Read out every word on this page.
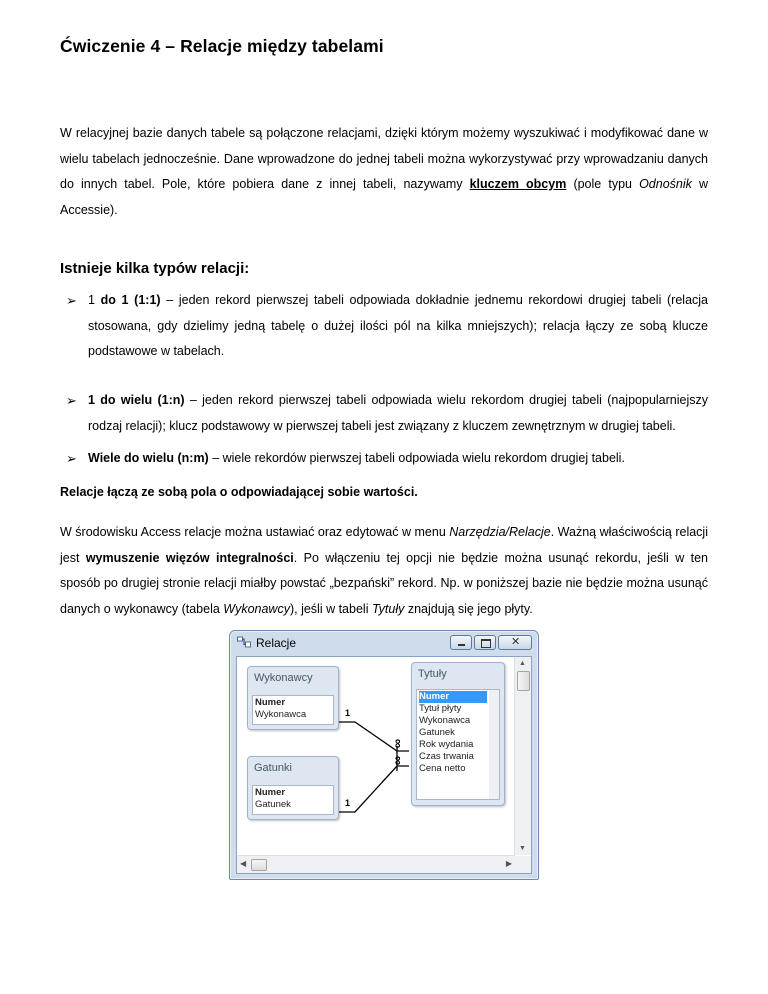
Ćwiczenie 4 – Relacje między tabelami

W relacyjnej bazie danych tabele są połączone relacjami, dzięki którym możemy wyszukiwać i modyfikować dane w wielu tabelach jednocześnie. Dane wprowadzone do jednej tabeli można wykorzystywać przy wprowadzaniu danych do innych tabel. Pole, które pobiera dane z innej tabeli, nazywamy kluczem obcym (pole typu Odnośnik w Accessie).

Istnieje kilka typów relacji:
➢ 1 do 1 (1:1) – jeden rekord pierwszej tabeli odpowiada dokładnie jednemu rekordowi drugiej tabeli (relacja stosowana, gdy dzielimy jedną tabelę o dużej ilości pól na kilka mniejszych); relacja łączy ze sobą klucze podstawowe w tabelach.
➢ 1 do wielu (1:n) – jeden rekord pierwszej tabeli odpowiada wielu rekordom drugiej tabeli (najpopularniejszy rodzaj relacji); klucz podstawowy w pierwszej tabeli jest związany z kluczem zewnętrznym w drugiej tabeli.
➢ Wiele do wielu (n:m) – wiele rekordów pierwszej tabeli odpowiada wielu rekordom drugiej tabeli.

Relacje łączą ze sobą pola o odpowiadającej sobie wartości.

W środowisku Access relacje można ustawiać oraz edytować w menu Narzędzia/Relacje. Ważną właściwością relacji jest wymuszenie więzów integralności. Po włączeniu tej opcji nie będzie można usunąć rekordu, jeśli w ten sposób po drugiej stronie relacji miałby powstać „bezpański” rekord. Np. w poniższej bazie nie będzie można usunąć danych o wykonawcy (tabela Wykonawcy), jeśli w tabeli Tytuły znajdują się jego płyty.

Relacje
✕
1
1
∞
∞
Wykonawcy
Numer
Wykonawca
Gatunki
Numer
Gatunek
Tytuły
Numer
Tytuł płyty
Wykonawca
Gatunek
Rok wydania
Czas trwania
Cena netto
▲
▼
◀	▶
